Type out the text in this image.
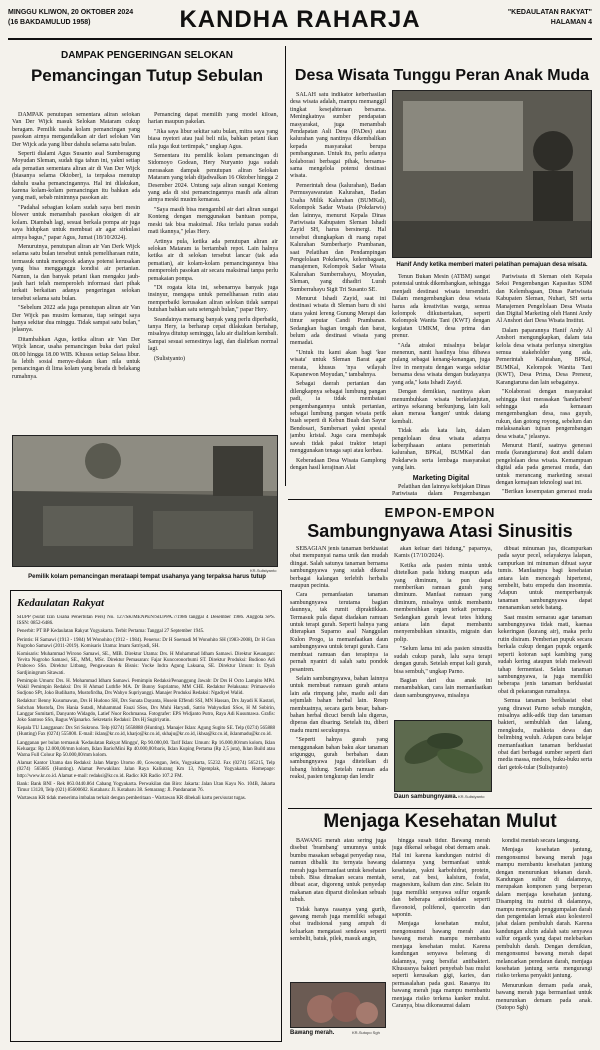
MINGGU KLIWON, 20 OKTOBER 2024
(16 BAKDAMULUD 1958)	KANDHA RAHARJA	"KEDAULATAN RAKYAT"
HALAMAN 4
DAMPAK PENGERINGAN SELOKAN
Pemancingan Tutup Sebulan

DAMPAK penutupan sementara aliran selokan Van Der Wijck masuk Selokan Mataram cukup beragam. Pemilik usaha kolam pemancingan yang pasokan airnya mengandalkan air dari selokan Van Der Wijck ada yang libur dahulu selama satu bulan.

Seperti dialami Agus Susanto asal Sumberagung Moyudan Sleman, sudah tiga tahun ini, yakni setiap ada pematian sementara aliran air di Van Der Wijck (biasanya selama Oktober), ia terpaksa menutup dahulu usaha pemancingannya. Hal ini dilakukan, karena kolam-kolam pemancingan itu bahkan ada yang mati, sebab minimnya pasokan air.

"Padahal sebagian kolam sudah saya beri mesin blower untuk menambah pasokan oksigen di air kolam. Diambah lagi, sesuai berkala pompa air juga saya hidupkan untuk membuat air agar sirkulasi airnya bagus," papar Agus, Jumat (18/10/2024).

Menurutnya, penutupan aliran air Van Derk Wijck selama satu bulan tersebut untuk pemeliharaan rutin, termasuk untuk mengecek adanya potensi kerusakan yang bisa mengganggu kondisi air pertanian. Namun, ia dan banyak petani ikan mengaku jauh-jauh hari telah memperoleh informasi dari pihak terkait berkaitan adanya pengeringan selokan tersebut selama satu bulan.

"Sebelum 2022 ada juga penutupan aliran air Van Der Wijck pas musim kemarau, tiap seingat saya hanya sekitar dua minggu. Tidak sampai satu bulan," jelasnya.

Ditambahkan Agus, ketika aliran air Van Der Wijck lancar, usaha pemancingan buka dari pukul 08.00 hingga 18.00 WIB. Khusus setiap Selasa libur. Ia lebih sosial menye-diakan ikan nila untuk pemancingan di lima kolam yang berada di belakang rumahnya.

Pemancing dapat memilih yang model kiloan, harian maupun pakelan.

"Jika saya libur sekitar satu bulan, mitra saya yang biasa nyetori atau jual beli nila, bahkan petani ikan nila juga ikut tertimpak," ungkap Agus.

Sementara itu pemilik kolam pemancingan di Sidomoyo Godean, Hery Nuryanto juga sudah merasakan dampak penutupan aliran Selokan Mataram yang telah dijadwalkan 16 Oktober hingga 2 Desember 2024. Untung saja aliran sungai Konteng yang ada di sisi pemancingannya masih ada aliran airnya meski musim kemarau.

"Saya masih bisa mengambil air dari aliran sungai Konteng dengan menggunakan bantuan pompa, meski tak bisa maksimal. Jika terlalu panas sudah mati ikannya," jelas Hery.

Artinya pula, ketika ada penutupan aliran air selokan Mataram ia bertambah repot. Lain halnya ketika air di selokan tersebut lancar (tak ada pematian), air kolam-kolam pemancingannya bisa memperoleh pasokan air secara maksimal tanpa perlu pemakaian pompa.

"Di rogata kita ini, sebenarnya banyak juga insinyur, mengapa untuk pemeliharaan rutin atau memperbaiki kerusakan aliran selokan tidak sampai butuhan bahkan satu setengah bulan," papar Hery.

Seandainya memang banyak yang perlu diperbaiki, tanya Hery, ia berharap cepat dilakukan bertahap, misalnya ditutup seminggu, lalu air dialirkan kembali. Sampai sesuai semestinya lagi, dan dialirkan normal lagi.

(Sulistyanto)

KR-Sulistyanto
Pemilik kolam pemancingan merataapi tempat usahanya yang terpaksa harus tutup
Desa Wisata Tunggu Peran Anak Muda

SALAH satu indikator keberhasilan desa wisata adalah, mampu memanggil tingkat kesejahteraan bersama. Meningkatnya sumber pendapatan masyarakat, juga menambah Pendapatan Asli Desa (PADes) atau kalurahan yang nantinya dikembalikan kepada masyarakat berupa pembangunan. Untuk itu, perlu adanya kolaborasi berbagai pihak, bersama-sama mengelola potensi destinasi wisata.

Pemerintah desa (kalurahan), Badan Permusyawaratan Kalurahan, Badan Usaha Milik Kalurahan (BUMKal), Kelompok Sadar Wisata (Pokdarwis) dan lainnya, menurut Kepala Dinas Pariwisata Kabupaten Sleman Ishadi Zayid SH, harus bersinergi. Hal tersebut diungkapkan di ruang rapat Kalurahan Sumberharjo Prambanan, saat Pelatihan dan Pendampingan Pengelolaan Pokdarwis, kelembagaan, manajemen, Kelompok Sadar Wisata Kalurahan Sumberrahayu, Moyudan, Sleman, yang dihadiri Lurah Sumberrahayu Sigit Tri Susanto SE.

Menurut Ishadi Zayid, saat ini destinasi wisata di Sleman baru di sisi utara yakni lereng Gunung Merapi dan timur seputar Candi Prambanan. Sedangkan bagian tengah dan barat, belum ada destinasi wisata yang memadai.

"Untuk itu kami akan bagi 'kue wisata' untuk Sleman Barat agar merata, khusus 'nya wilayah Kapanewon Moyudan," tambahnya.

Sebagai daerah pertanian dan dilengkapnya sebagai lumbung pangan padi, ia tidak membatasi pengembangannya untuk pertanian, sebagai lumbung pangan wisata petik buah seperti di Kebun Buah dan Sayur Bendosari, Sumbersari yakni spesial jambu kristal. Juga cara membajak sawah tidak pakai traktor tetapi menggunakan tenaga sapi atau kerbau.

Keberadaan Desa Wisata Gamplong dengan hasil kerajinan Alat

Hanif Andy ketika memberi materi pelatihan pemajuan desa wisata.

Tenun Bukan Mesin (ATBM) sangat potensial untuk dikembangkan, sehingga menjadi destinasi wisata tersendiri. Dalam mengembangkan desa wisata harus ada kreativitas warga, semua kelompok diikutsertakan, seperti Kelompok Wanita Tani (KWT) dengan kegiatan UMKM, desa prima dan prenur.

"Ada atraksi misalnya belajar menenun, nanti hasilnya bisa dibawa pulang sebagai kenang-kenangan, juga live in menyatu dengan warga sekitar bersama desa wisata dengan budayanya yang ada," kata Ishadi Zayid.

Dengan demikian, nantinya akan menumbuhkan wisata berkelanjutan, artinya sekarang berkunjung, lain kali akan merasa 'kangen' untuk datang kembali.

Tidak ada kata lain, dalam pengelolaan desa wisata adanya keberpihaaan antara pemerintah kalurahan, BPKal, BUMKal dan Pokdarwis serta lembaga masyarakat yang lain.

Marketing Digital

Pelatihan dan lainnya kebijakan Dinas Pariwisata dalam Pengembangan

Pariwisata di Sleman oleh Kepala Seksi Pengembangan Kapasitas SDM dan Kelembagaan, Dinas Pariwisata Kabupaten Sleman, Nuhari, SH serta Manajemen Pengelolaan Desa Wisata dan Digital Marketing oleh Hanni Andy Al Anshori dari Desa Wisata Institut.

Dalam paparannya Hanif Andy Al Anshori mengungkapkan, dalam tata kelola desa wisata perlunya sinergitas semua stakeholder yang ada. Pemerintah Kalurahan, BPKal, BUMKal, Kelompok Wanita Tani (KWT), Desa Prima, Desa Preneur, Karangtaruna dan lain sebagainya.

"Kolaborasi dengan masyarakat sehingga ikut merasakan 'handarbeni' sehingga ada kemauan mengembangkan desa, rasa guyub, rukun, dan gotong royong, sebelum dan melaksanakan tujuan pengembangan desa wisata," jelasnya.

Menurut Hanif, saatnya generasi muda (karangtaruna) ikut andil dalam pengelolaan desa wisata. Kemampuan digital ada pada generasi muda, dan untuk merancang marketing sesuai dengan kemajuan teknologi saat ini.

"Berikan kesempatan generasi muda

EMPON-EMPON
Sambungnyawa Atasi Sinusitis

SEBAGIAN jenis tanaman berkhasiat obat mempunyai nama unik dan mudah diingat. Salah satunya tanaman bernama sambungnyawa yang sudah dikenal berbagai kalangan terlebih herbalis maupun pecinta.

Cara pemanfaatan tanaman sambungnyawa terutama bagian daunnya, tak rumit dipraktikkan. Termasuk pula dapat diadakan ramuan untuk terapi gurah. Seperti halnya yang diterapkan Suparno asal Nanggulan Kulon Progo, ia memanfaatkan daun sambungnyawa untuk terapi gurah. Cara membuat ramuan dan terapinya ia pernah nyantri di salah satu pondok pesantren.

Selain sambungnyawa, bahan lainnya untuk membuat ramuan gurah antara lain ada rimpang jahe, madu asli dan sejumlah bahan herbal lain. Resep membuatnya, secara garis besar, bahan-bahan herbal dicuci bersih lalu digerus, diperas dan disaring. Setelah itu, diberi madu murni secukupnya.

"Seperti halnya gurah yang menggunakan bahan baku akar tanaman srigunggu, gurah berbahan daun sambungnyawa juga ditetelkan di lubang hidung. Setelah ramuan ada reaksi, pasien tengkurap dan lendir

akan keluar dari hidung," paparnya, Kamis (17/10/2024).

Ketika ada pasien minta untuk ditetelkan pada hidung maupun ada yang diminum, ia pun dapat memberikan ramuan gurah yang diminum. Manfaat ramuan yang diminum, misalnya untuk membantu membersihkan organ terkait pernapu. Sedangkan gurah lewat tetes hidung antara lain dapat membantu menyembuhkan sinusitis, migrain dan polip.

"Selum lama ini ada pasien sinusitis sudah cukup parah, lalu saya terapi dengan gurah. Setelah empat kali gurah, bisa sembuh," ungkap Parno.

Bagian dari dua anak ini menambahkan, cara lain memanfaatkan daun sambungnyawa, misalnya

dibuat minuman jus, dicampurkan pada sayur pecel, selayaknya lalapan, campurkan ini minuman dibuat sayur tumis. Manfaatnya bagi kesehatan antara lain mencegah hipertensi, sembelit, batu empedu dan insomnia. Adapun untuk memperbanyak tanaman sambungnyawa dapat menanamkan setek batang.

Saat musim semarau agar tanaman sambungnyawa tidak mati, kaenaa kekeringan (kurang air), maka perlu rutin disiram. Pemberian pupuk secara berkala cukup dengan pupuk organik seperti kotoran sapi kambing yang sudah kering ataupun telah melewati tahap fermentasi. Selain tanaman sambungnyawa, ia juga memiliki beberapa jenis tanaman berkhasiat obat di pekarangan rumahnya.

Semua tanaman berkhasiat obat yang dirawat Parno sebab mungkin, misalnya adik-adik tiup dan tanaman bakteri, sembuhlah dan lalang, mengkudu, mahkota dewa dan belimbing wuluh. Adapun cara belajar memanfaatkan tanaman berkhasiat obat dari berbagai sumber seperti dari media massa, medsos, buku-buku serta dari getok-tular (Sulistyanto)

Daun sambungnyawa. KR-Sulistyanto
Kedaulatan Rakyat

SIUPP (Surat Izin Usaha Penerbitan Pers) No. 127/SK/MENPEN/SIUPPA.7/1986 tanggal 4 Desember 1986. Anggota SPS. ISSN: 0852-6486.

Penerbit: PT BP Kedaulatan Rakyat Yogyakarta. Terbit Pertama: Tanggal 27 September 1945.

Perintis: H Samawi (1913 - 1984) M Wonohito (1912 - 1984). Penerus: Dr H Soemadi M Wonohito SH (1983-2008), Dr H Gun Nugroho Samawi (2011-2019). Komisaris Utama: Imam Satriyadi, SH.

Komisaris: Muhammad Wirono Samawi, SE., MIB. Direktur Utama: Drs. H Mohammad Idham Samawi. Direktur Keuangan: Yevita Nugroho Samawi, SE., MM., MSc. Direktur Pemasaran: Fajar Kuncoronorbumi ST. Direktur Produksi: Budiono Adi Prabowo SSn. Direktur Litbang, Pengawasan & Bisnis: Yocke Indra Agung Laksana, SE. Direktur Umum: Ir. Dyah Sardjiningrum Sitawati.

Pemimpin Umum: Drs. H. Mohammad Idham Samawi. Pemimpin Redaksi/Penanggung Jawab: Dr Drs H Octo Lampito MPd. Wakil Pemimpin Redaksi: Drs H Ahmad Luthfie MA. Dr Bunny Supriatmo, MM CHE. Redaktur Pelaksana: Primaswolo Sudjono SPt, Joko Budiharto, Mustofirdha, Drs Wahyo Supriyanggi. Manajer Produksi Redaksi: Ngadiyel Walid.

Redaktur: Benny Kusumawan, Drs H Hudono SH, Drs Sunata Dayanta, Husein Effendi SSI, MN Hassan, Drs Jayadi K Kastari, Subchan Mustofa, Drs Hania Sutadi, Muhammad Fauzi SSos, Drs Muhi Haryadi, Satrio Wahyudiati SSos, H M Sobirin, Langgar Sumitarti, Danyanto Widagdo, Latief Nuor Rochmansa. Fotografer: EPS Widjanto Putro, Raya Adi Kusumawa. Grafis: Joko Santoso SSn, Bagus Wijanarko. Sekretaris Redaksi: Drs Hj Sugiriyatin.

Kepala TU Langganan: Drs Sri Sukrono. Telp (0274) 5658888 (Hunting). Manajer Iklan: Agung Sugito SE. Telp (0274) 565888 (Hunting) Fax (0274) 555000. E-mail: iklan@kr.co.id, kharjo@kr.co.id, skhaju@kr.co.id, ikhsa@kr.co.id, iklanmadu@kr.co.id.

Langganan per bulan termasuk 'Kedaulatan Rakyat Minggu', Rp 90.000,00. Tarif Iklan: Umum: Rp 16.000,00/mm kolom, Iklan Keluarga: Rp 12.000,00/mm kolom, Iklan Baris/Mini Rp 40.000,00/baris, Iklan Kuping Pertama (Rp 2,5 juta), Iklan Build atau Warna Full Colour Rp 50.000,00/mm kolom.

Alamat Kantor Utama dan Redaksi: Jalan Margo Utomo 40, Gowongan, Jetis, Yogyakarta, 55232. Fax (0274) 565215, Telp (0274) 565685 (Hunting). Alamat Perwakilan: Jalan Raya Kaliurang Km 13, Ngemplak, Yogyakarta. Homepage: http://www.kr.co.id. Alamat e-mail: redaksi@kr.co.id. Radio: KR Radio 107.2 FM.

Bank: Bank BNI - Rek 863.0440.864 Cabang Yogyakarta. Perwakilan dan Biro: Jakarta: Jalan Utan Kayu No. 104B, Jakarta Timur 13120, Telp (021) 85600602. Kotabaru: Jl. Kotabaru 38. Semarang: Jl. Pandanaran 76.

Wartawan KR tidak menerima imbalan terkait dengan pemberitaan - Wartawan KR dibekali kartu pers/surat tugas.

Menjaga Kesehatan Mulut

BAWANG merah atau sering juga disebut 'brambang' umumnya untuk bumbu masakan sebagai penyedap rasa, namun dibalik itu ternyata bawang merah juga bermanfaat untuk kesehatan tubuh. Bisa dimakan secara mentah, dibuat acar, digoreng untuk penyedap makanan atau diparut dioleskan sebuah tubuh.

Tidak hanya rasanya yang gurih, gawang merah juga memiliki sebagai obat tradisional yang ampuh di keluarkan mengatasi sendawa seperti sembelit, batuk, pilek, masuk angin,

Bawang merah.	KR-Sutopo Sgh

hingga susah tidur. Bawang merah juga dikenal sebagai obat demam anak. Hal ini karena kandungan nutrisi di dalamnya yang bermanfaat untuk kesehatan, yakni karbohidrat, protein, serat, zat besi, kalsium, fosfat, magnesium, kalium dan zinc. Selain itu juga memiliki senyawa sulfur organik dan beberapa antioksidan seperti flavonoid, polifenol, quercetin dan saponin.

Menjaga kesehatan mulut, mengonsumsi bawang merah atau bawang merah mampu membantu menjaga kesehatan mulut. Karena kandungan senyawa belerang di dalamnya, yang bersifat antibakteri. Khususnya bakteri penyebab bau mulut seperti kerusakan gigi, karies, dan permasalahan pada gusi. Rasanya itu bawang merah juga mampu membantu menjaga risiko terkena kanker mulut. Caranya, bisa dikonsumsi dalam

kondisi mentah secara langsung.

Menjaga kesehatan jantung, mengonsumsi bawang merah juga mampu membantu kesehatan jantung dengan menurunkan tekanan darah. Kandungan sulfur di dalamnya, merupakan komponen yang berperan dalam menjaga kesehatan jantung. Disamping itu nutrisi di dalamnya, mampu mencegah penggumpalan darah dan pengentalan lemak atau kolesterol jahat dalam pembuluh darah. Karena kandungan alicin adalah satu senyawa sulfur organik yang dapat melebarkan pembuluh darah. Dengan demikian, mengonsumsi bawang merah dapat melancarkan peredaran darah, menjaga kesehatan jantung serta mengurangi risiko terkena penyakit jantung.

Menurunkan demam pada anak, bawang merah juga bermanfaat untuk menurunkan demam pada anak. (Sutopo Sgh)
